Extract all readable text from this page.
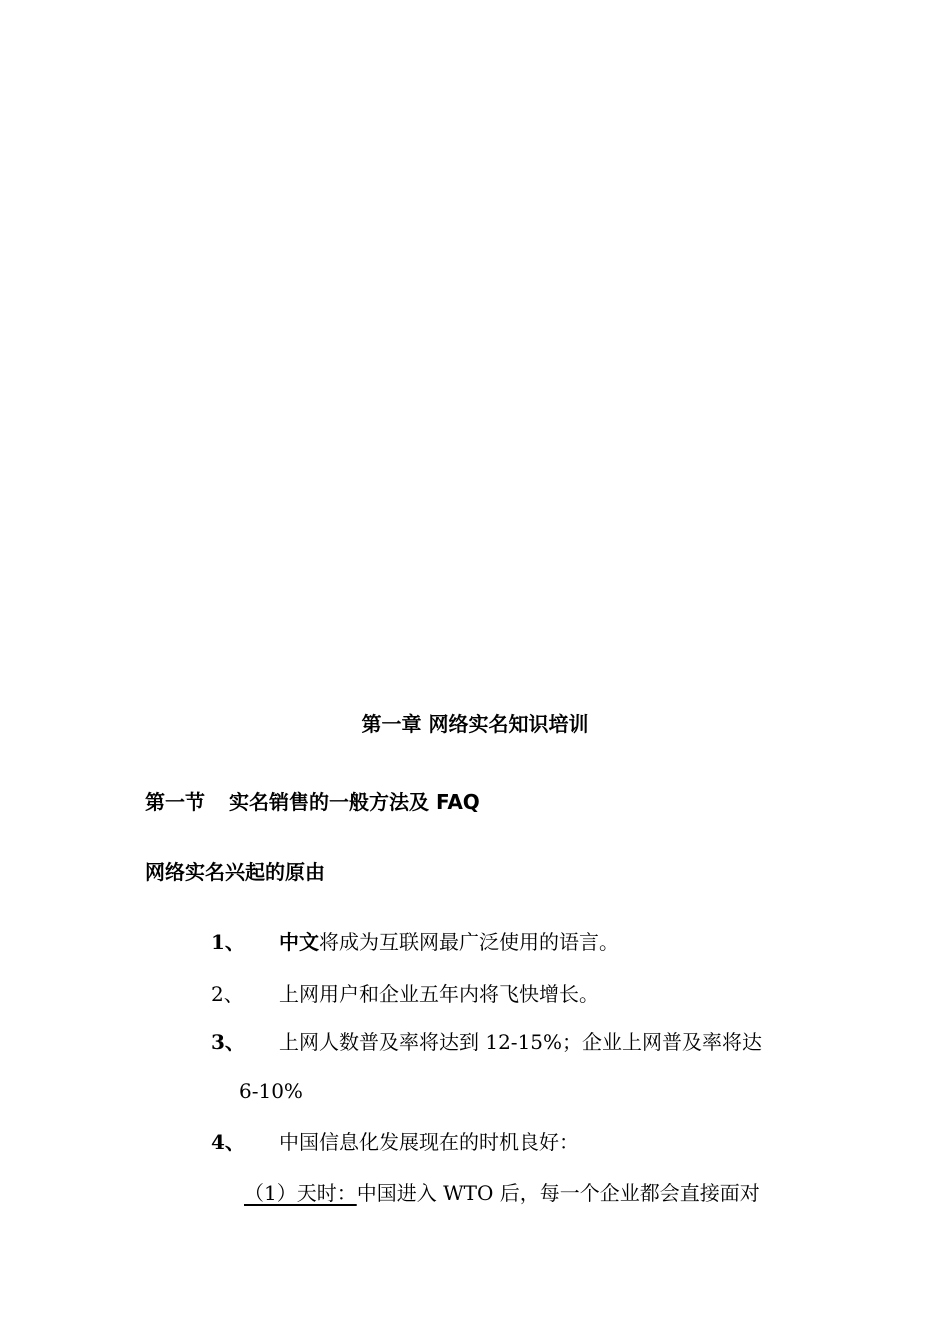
第一章 网络实名知识培训
第一节 实名销售的一般方法及 FAQ
网络实名兴起的原由
1、 中文将成为互联网最广泛使用的语言。
2、 上网用户和企业五年内将飞快增长。
3、 上网人数普及率将达到 12-15%；企业上网普及率将达
6-10%
4、 中国信息化发展现在的时机良好：
（1）天时：中国进入 WTO 后，每一个企业都会直接面对
